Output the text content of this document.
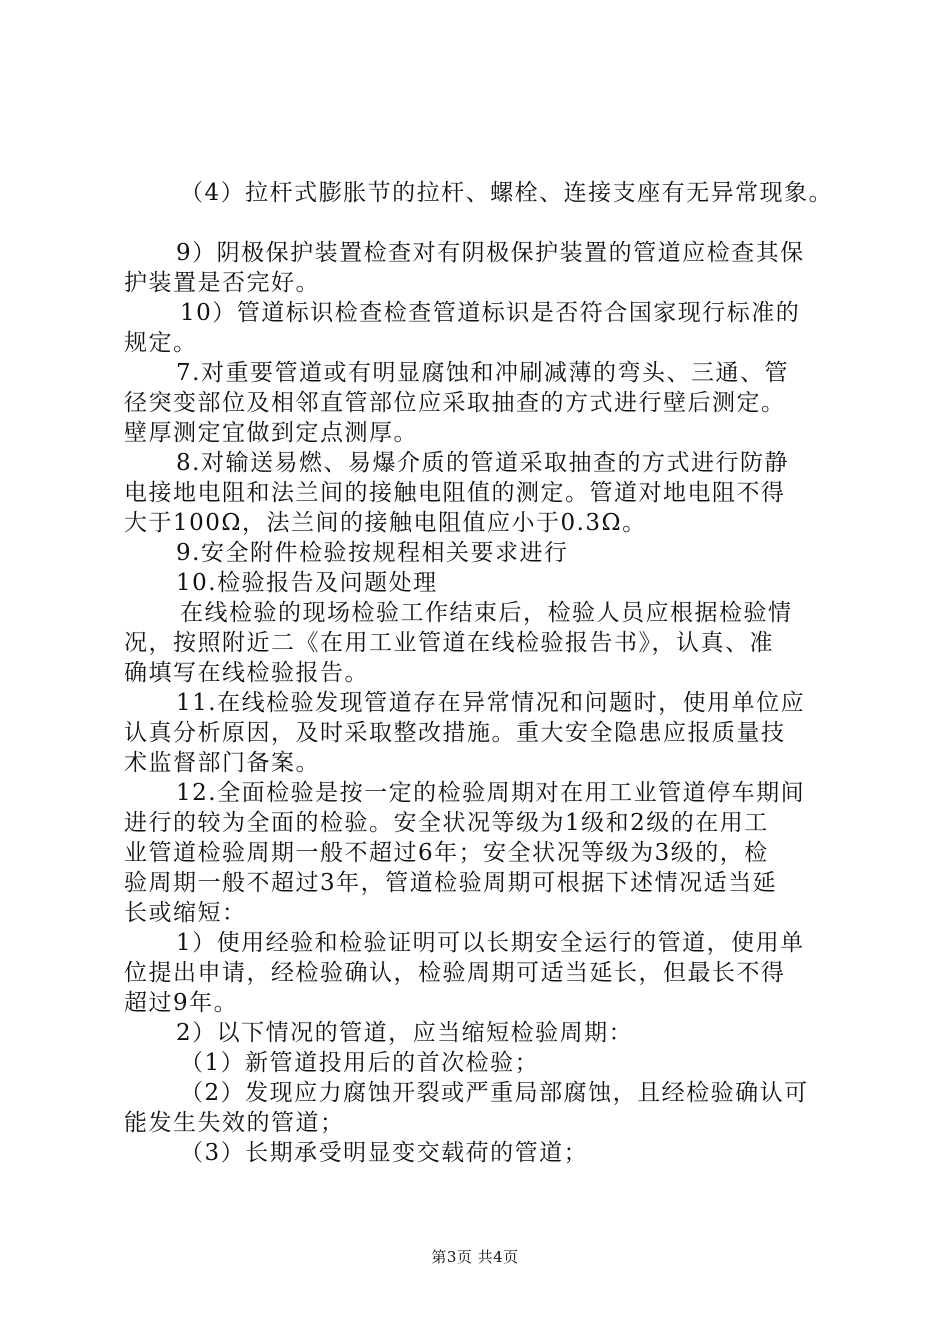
（4）拉杆式膨胀节的拉杆、螺栓、连接支座有无异常现象。
9）阴极保护装置检查对有阴极保护装置的管道应检查其保
护装置是否完好。
10）管道标识检查检查管道标识是否符合国家现行标准的
规定。
7.对重要管道或有明显腐蚀和冲刷减薄的弯头、三通、管
径突变部位及相邻直管部位应采取抽查的方式进行壁后测定。
壁厚测定宜做到定点测厚。
8.对输送易燃、易爆介质的管道采取抽查的方式进行防静
电接地电阻和法兰间的接触电阻值的测定。管道对地电阻不得
大于100Ω，法兰间的接触电阻值应小于0.3Ω。
9.安全附件检验按规程相关要求进行
10.检验报告及问题处理
在线检验的现场检验工作结束后，检验人员应根据检验情
况，按照附近二《在用工业管道在线检验报告书》，认真、准
确填写在线检验报告。
11.在线检验发现管道存在异常情况和问题时，使用单位应
认真分析原因，及时采取整改措施。重大安全隐患应报质量技
术监督部门备案。
12.全面检验是按一定的检验周期对在用工业管道停车期间
进行的较为全面的检验。安全状况等级为1级和2级的在用工
业管道检验周期一般不超过6年；安全状况等级为3级的，检
验周期一般不超过3年，管道检验周期可根据下述情况适当延
长或缩短：
1）使用经验和检验证明可以长期安全运行的管道，使用单
位提出申请，经检验确认，检验周期可适当延长，但最长不得
超过9年。
2）以下情况的管道，应当缩短检验周期：
（1）新管道投用后的首次检验；
（2）发现应力腐蚀开裂或严重局部腐蚀，且经检验确认可
能发生失效的管道；
（3）长期承受明显变交载荷的管道；
第3页 共4页
